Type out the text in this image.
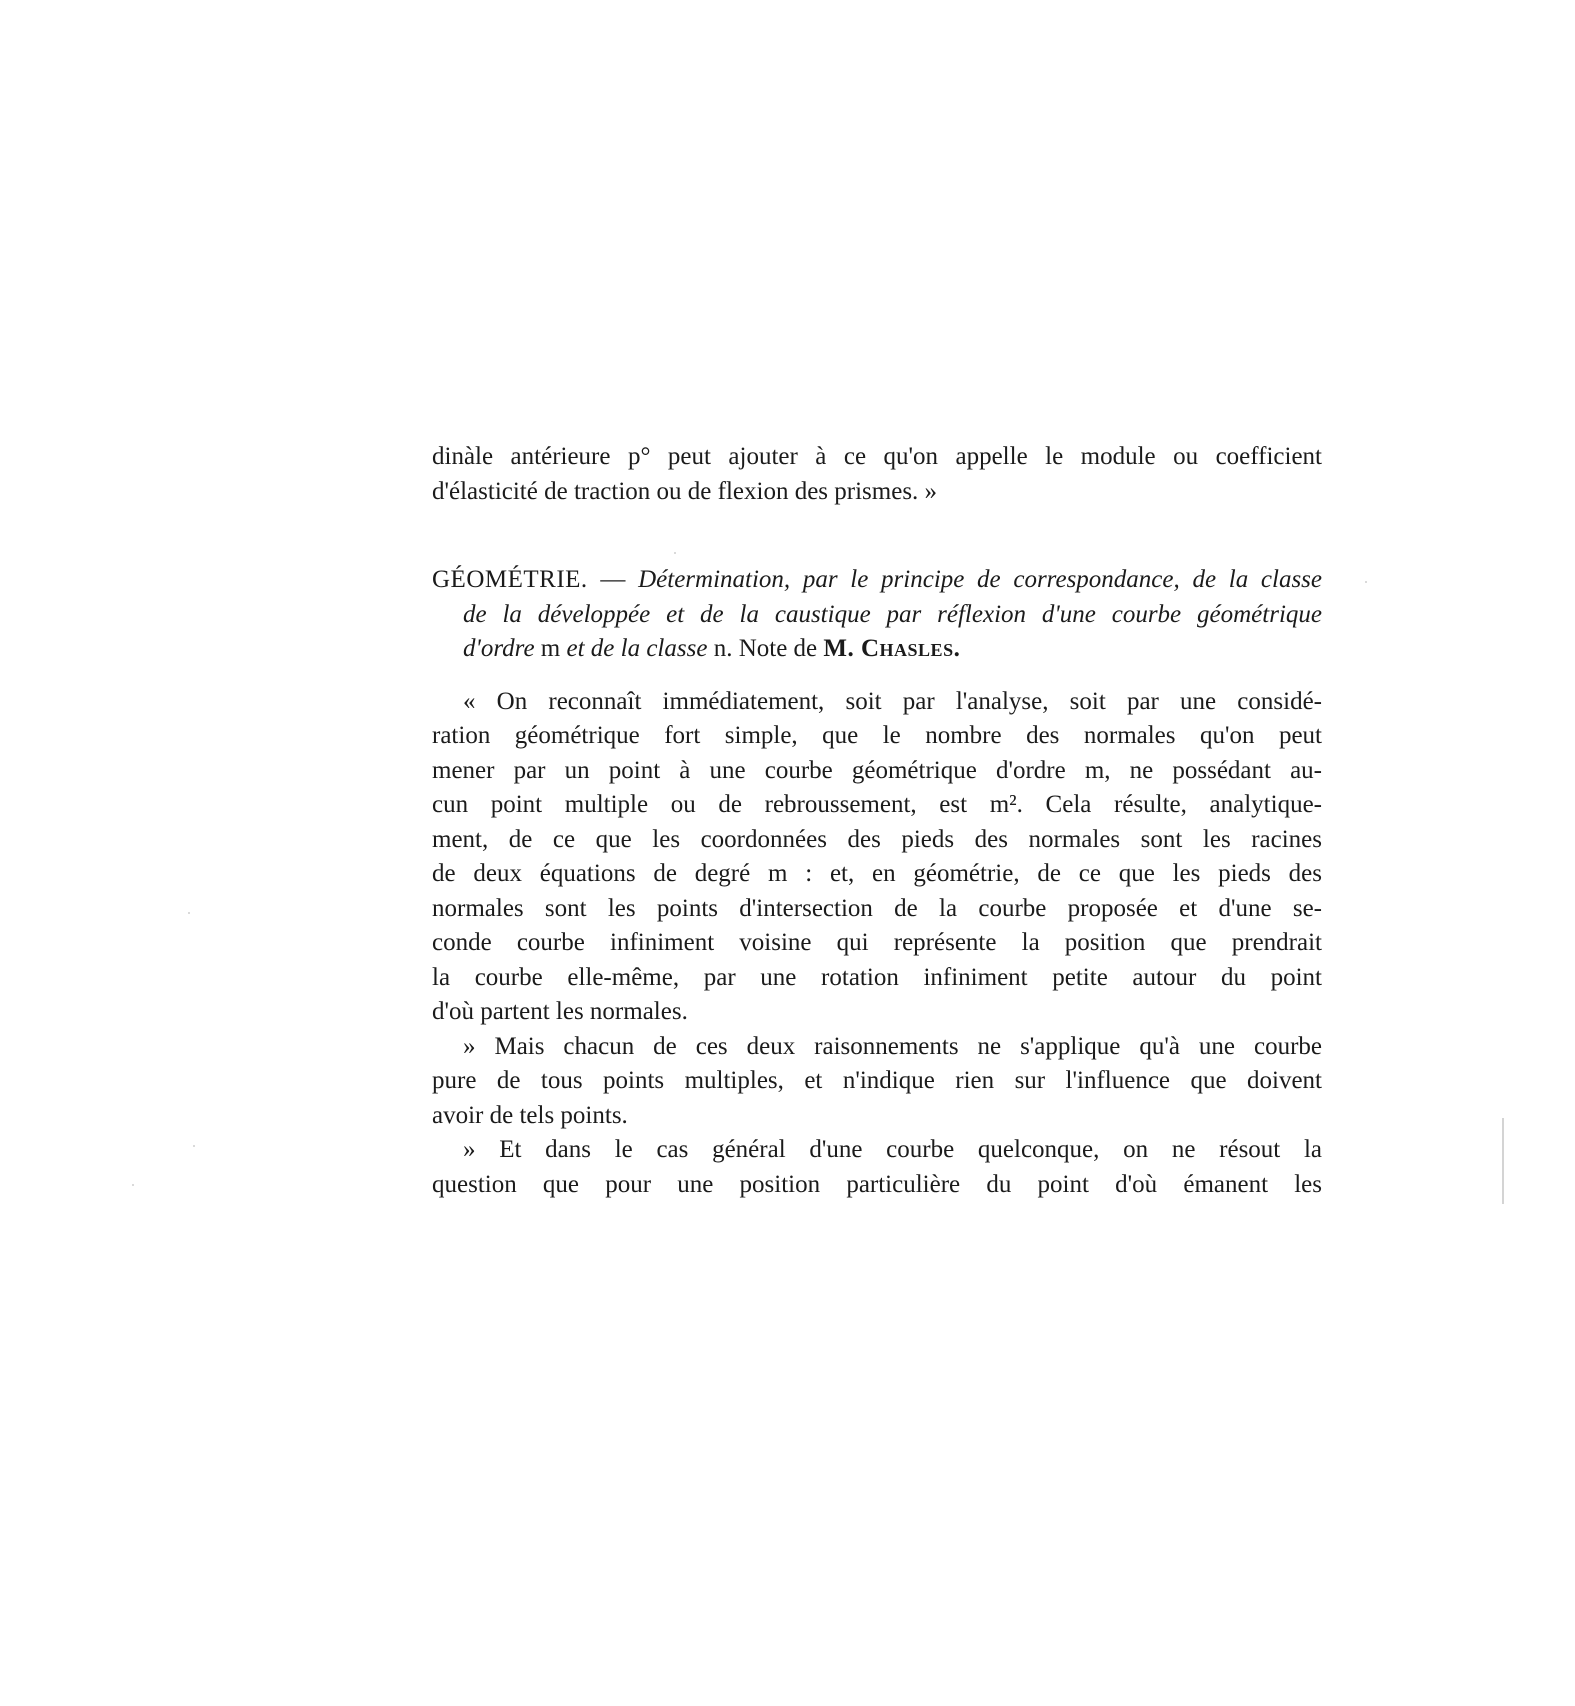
dinàle antérieure p° peut ajouter à ce qu'on appelle le module ou coefficient
d'élasticité de traction ou de flexion des prismes. »
GÉOMÉTRIE. — Détermination, par le principe de correspondance, de la classe
de la développée et de la caustique par réflexion d'une courbe géométrique
d'ordre m et de la classe n. Note de M. Chasles.
« On reconnaît immédiatement, soit par l'analyse, soit par une considé-
ration géométrique fort simple, que le nombre des normales qu'on peut
mener par un point à une courbe géométrique d'ordre m, ne possédant au-
cun point multiple ou de rebroussement, est m². Cela résulte, analytique-
ment, de ce que les coordonnées des pieds des normales sont les racines
de deux équations de degré m : et, en géométrie, de ce que les pieds des
normales sont les points d'intersection de la courbe proposée et d'une se-
conde courbe infiniment voisine qui représente la position que prendrait
la courbe elle-même, par une rotation infiniment petite autour du point
d'où partent les normales.
» Mais chacun de ces deux raisonnements ne s'applique qu'à une courbe
pure de tous points multiples, et n'indique rien sur l'influence que doivent
avoir de tels points.
» Et dans le cas général d'une courbe quelconque, on ne résout la
question que pour une position particulière du point d'où émanent les
